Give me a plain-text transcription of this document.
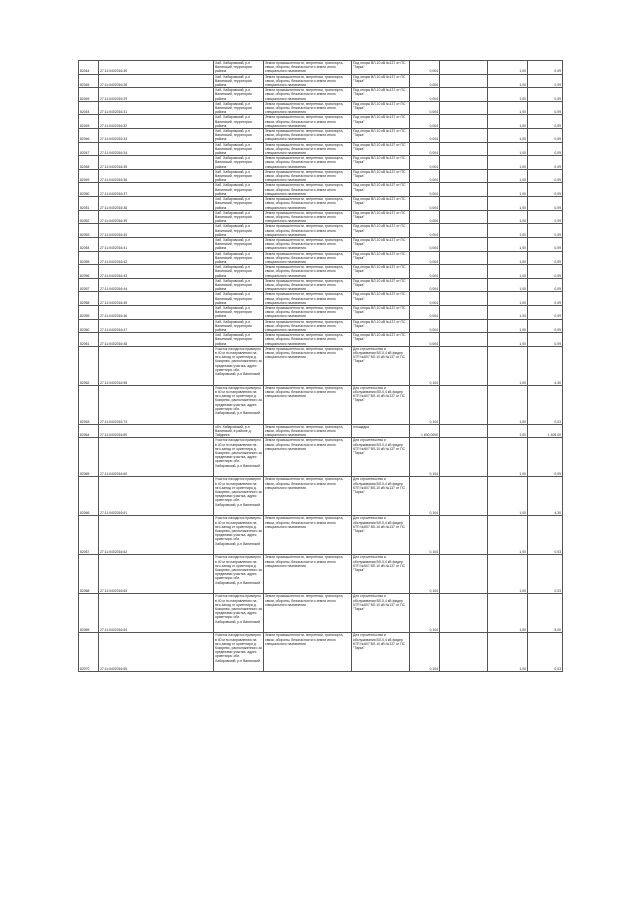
82044	27:11:0402016:30	Хаб. Хабаровский, р-н Ванинский, территория района	Земли промышленности, энергетики, транспорта, связи, обороны, безопасности и земли иного специального назначения	Под опоры ВЛ-10 кВ №137 от ПС "Тарка"	0,004		1,00	0,09
82045	27:11:0402016:28	Хаб. Хабаровский, р-н Ванинский, территория района	Земли промышленности, энергетики, транспорта, связи, обороны, безопасности и земли иного специального назначения	Под опоры ВЛ-10 кВ №137 от ПС "Тарка"	0,004		1,00	0,09
82049	27:11:0402016:29	Хаб. Хабаровский, р-н Ванинский, территория района	Земли промышленности, энергетики, транспорта, связи, обороны, безопасности и земли иного специального назначения	Под опоры ВЛ-10 кВ №137 от ПС "Тарка"	0,004		1,00	0,09
82044	27:11:0402016:31	Хаб. Хабаровский, р-н Ванинский, территория района	Земли промышленности, энергетики, транспорта, связи, обороны, безопасности и земли иного специального назначения	Под опоры ВЛ-10 кВ №137 от ПС "Тарка"	0,004		1,00	0,09
82045	27:11:0402016:32	Хаб. Хабаровский, р-н Ванинский, территория района	Земли промышленности, энергетики, транспорта, связи, обороны, безопасности и земли иного специального назначения	Под опоры ВЛ-10 кВ №137 от ПС "Тарка"	0,004		1,00	0,09
82046	27:11:0402016:33	Хаб. Хабаровский, р-н Ванинский, территория района	Земли промышленности, энергетики, транспорта, связи, обороны, безопасности и земли иного специального назначения	Под опоры ВЛ-10 кВ №137 от ПС "Тарка"	0,004		1,00	0,09
82047	27:11:0402016:34	Хаб. Хабаровский, р-н Ванинский, территория района	Земли промышленности, энергетики, транспорта, связи, обороны, безопасности и земли иного специального назначения	Под опоры ВЛ-10 кВ №137 от ПС "Тарка"	0,004		1,00	0,09
82048	27:11:0402016:35	Хаб. Хабаровский, р-н Ванинский, территория района	Земли промышленности, энергетики, транспорта, связи, обороны, безопасности и земли иного специального назначения	Под опоры ВЛ-10 кВ №137 от ПС "Тарка"	0,004		1,00	0,09
82049	27:11:0402016:36	Хаб. Хабаровский, р-н Ванинский, территория района	Земли промышленности, энергетики, транспорта, связи, обороны, безопасности и земли иного специального назначения	Под опоры ВЛ-10 кВ №137 от ПС "Тарка"	0,004		1,00	0,09
82050	27:11:0402016:37	Хаб. Хабаровский, р-н Ванинский, территория района	Земли промышленности, энергетики, транспорта, связи, обороны, безопасности и земли иного специального назначения	Под опоры ВЛ-10 кВ №137 от ПС "Тарка"	0,004		1,00	0,09
82051	27:11:0402016:38	Хаб. Хабаровский, р-н Ванинский, территория района	Земли промышленности, энергетики, транспорта, связи, обороны, безопасности и земли иного специального назначения	Под опоры ВЛ-10 кВ №137 от ПС "Тарка"	0,004		1,00	0,09
82052	27:11:0402016:39	Хаб. Хабаровский, р-н Ванинский, территория района	Земли промышленности, энергетики, транспорта, связи, обороны, безопасности и земли иного специального назначения	Под опоры ВЛ-10 кВ №137 от ПС "Тарка"	0,004		1,00	0,09
82053	27:11:0402016:40	Хаб. Хабаровский, р-н Ванинский, территория района	Земли промышленности, энергетики, транспорта, связи, обороны, безопасности и земли иного специального назначения	Под опоры ВЛ-10 кВ №137 от ПС "Тарка"	0,004		1,00	0,09
82054	27:11:0402016:41	Хаб. Хабаровский, р-н Ванинский, территория района	Земли промышленности, энергетики, транспорта, связи, обороны, безопасности и земли иного специального назначения	Под опоры ВЛ-10 кВ №137 от ПС "Тарка"	0,004		1,00	0,09
82055	27:11:0402016:42	Хаб. Хабаровский, р-н Ванинский, территория района	Земли промышленности, энергетики, транспорта, связи, обороны, безопасности и земли иного специального назначения	Под опоры ВЛ-10 кВ №137 от ПС "Тарка"	0,004		1,00	0,09
82056	27:11:0402016:43	Хаб. Хабаровский, р-н Ванинский, территория района	Земли промышленности, энергетики, транспорта, связи, обороны, безопасности и земли иного специального назначения	Под опоры ВЛ-10 кВ №137 от ПС "Тарка"	0,004		1,00	0,09
82057	27:11:0402016:44	Хаб. Хабаровский, р-н Ванинский, территория района	Земли промышленности, энергетики, транспорта, связи, обороны, безопасности и земли иного специального назначения	Под опоры ВЛ-10 кВ №137 от ПС "Тарка"	0,004		1,00	0,09
82058	27:11:0402016:45	Хаб. Хабаровский, р-н Ванинский, территория района	Земли промышленности, энергетики, транспорта, связи, обороны, безопасности и земли иного специального назначения	Под опоры ВЛ-10 кВ №137 от ПС "Тарка"	0,004		1,00	0,09
82059	27:11:0402016:46	Хаб. Хабаровский, р-н Ванинский, территория района	Земли промышленности, энергетики, транспорта, связи, обороны, безопасности и земли иного специального назначения	Под опоры ВЛ-10 кВ №137 от ПС "Тарка"	0,004		1,00	0,09
82060	27:11:0402016:47	Хаб. Хабаровский, р-н Ванинский, территория района	Земли промышленности, энергетики, транспорта, связи, обороны, безопасности и земли иного специального назначения	Под опоры ВЛ-10 кВ №137 от ПС "Тарка"	0,004		1,00	0,09
82061	27:11:0402016:48	Хаб. Хабаровский, р-н Ванинский, территория района	Земли промышленности, энергетики, транспорта, связи, обороны, безопасности и земли иного специального назначения	Под опоры ВЛ-10 кВ №137 от ПС "Тарка"	0,004		1,00	0,09
82062	27:11:0402016:58	Участок находится примерно в 40 м по направлению на юго-запад от ориентира д. Кокорево, расположенного за пределами участка, адрес ориентира: обл. Хабаровский, р-н Ванинский	Земли промышленности, энергетики, транспорта, связи, обороны, безопасности и земли иного специального назначения	Для строительства и обслуживания ВЛ-0,4 кВ фидер КТП №607 ВЛ-10 кВ №137 от ПС "Тарка"	0,104		1,00	4,30
82063	27:11:0402016:73	Участок находится примерно в 40 м по направлению на юго-запад от ориентира д. Кокорево, расположенного за пределами участка, адрес ориентира: обл. Хабаровский, р-н Ванинский	Земли промышленности, энергетики, транспорта, связи, обороны, безопасности и земли иного специального назначения	Для строительства и обслуживания ВЛ-0,4 кВ фидер КТП №607 ВЛ-10 кВ №137 от ПС "Тарка"	0,104		1,00	0,03
82064	27:11:0402016:80	обл. Хабаровский, р-н Ванинский, в районе д. Тайдинга	Земли промышленности, энергетики, транспорта, связи, обороны, безопасности и земли иного специального назначения	площадка	1 600,0000		1,00	1 405,00
82065	27:11:0402016:60	Участок находится примерно в 40 м по направлению на юго-запад от ориентира д. Кокорево, расположенного за пределами участка, адрес ориентира: обл. Хабаровский, р-н Ванинский	Земли промышленности, энергетики, транспорта, связи, обороны, безопасности и земли иного специального назначения	Для строительства и обслуживания ВЛ-0,4 кВ фидер КТП №607 ВЛ-10 кВ №137 от ПС "Тарка"	0,104		1,00	0,09
82066	27:11:0402016:61	Участок находится примерно в 40 м по направлению на юго-запад от ориентира д. Кокорево, расположенного за пределами участка, адрес ориентира: обл. Хабаровский, р-н Ванинский	Земли промышленности, энергетики, транспорта, связи, обороны, безопасности и земли иного специального назначения	Для строительства и обслуживания ВЛ-0,4 кВ фидер КТП №607 ВЛ-10 кВ №137 от ПС "Тарка"	0,104		1,00	4,30
82067	27:11:0402016:62	Участок находится примерно в 40 м по направлению на юго-запад от ориентира д. Кокорево, расположенного за пределами участка, адрес ориентира: обл. Хабаровский, р-н Ванинский	Земли промышленности, энергетики, транспорта, связи, обороны, безопасности и земли иного специального назначения	Для строительства и обслуживания ВЛ-0,4 кВ фидер КТП №607 ВЛ-10 кВ №137 от ПС "Тарка"	0,104		1,00	0,03
82068	27:11:0402016:63	Участок находится примерно в 40 м по направлению на юго-запад от ориентира д. Кокорево, расположенного за пределами участка, адрес ориентира: обл. Хабаровский, р-н Ванинский	Земли промышленности, энергетики, транспорта, связи, обороны, безопасности и земли иного специального назначения	Для строительства и обслуживания ВЛ-0,4 кВ фидер КТП №607 ВЛ-10 кВ №137 от ПС "Тарка"	0,104		1,00	0,03
82069	27:11:0402016:64	Участок находится примерно в 40 м по направлению на юго-запад от ориентира д. Кокорево, расположенного за пределами участка, адрес ориентира: обл. Хабаровский, р-н Ванинский	Земли промышленности, энергетики, транспорта, связи, обороны, безопасности и земли иного специального назначения	Для строительства и обслуживания ВЛ-0,4 кВ фидер КТП №607 ВЛ-10 кВ №137 от ПС "Тарка"	0,104		1,00	5,00
82070	27:11:0402016:65	Участок находится примерно в 40 м по направлению на юго-запад от ориентира д. Кокорево, расположенного за пределами участка, адрес ориентира: обл. Хабаровский, р-н Ванинский	Земли промышленности, энергетики, транспорта, связи, обороны, безопасности и земли иного специального назначения	Для строительства и обслуживания ВЛ-0,4 кВ фидер КТП №607 ВЛ-10 кВ №137 от ПС "Тарка"	0,104		1,00	0,03
